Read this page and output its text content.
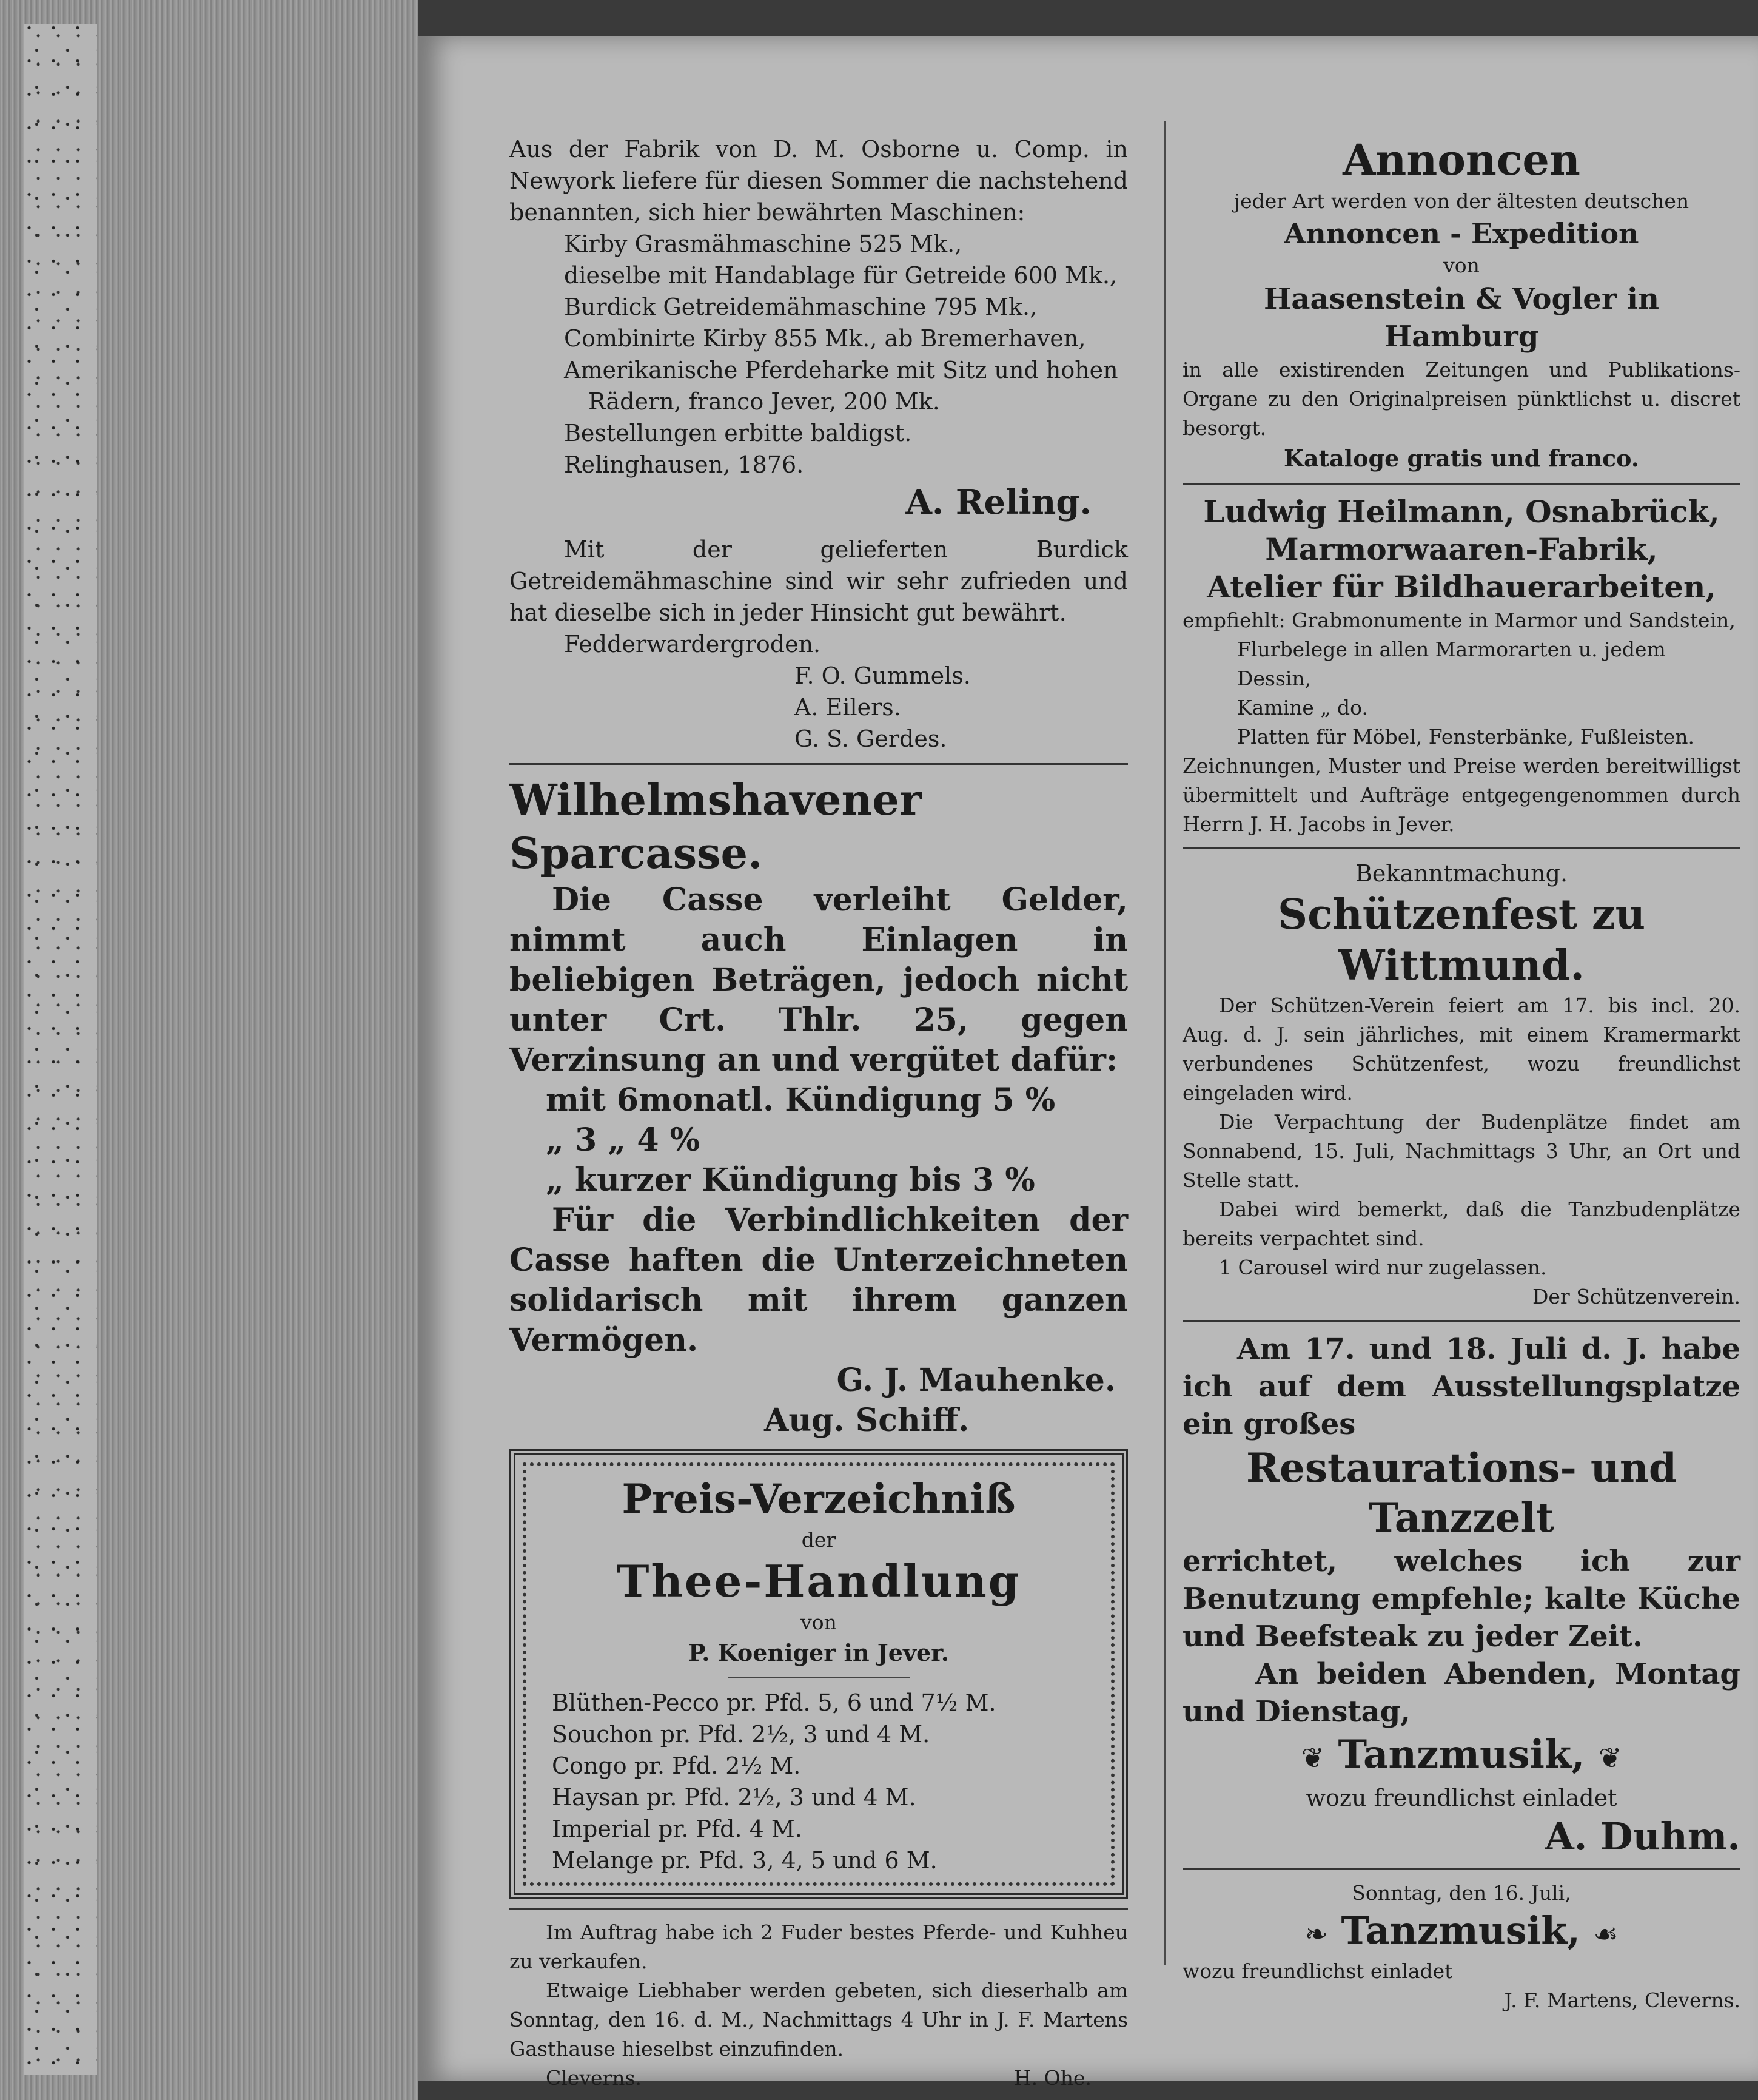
Aus der Fabrik von D. M. Osborne u. Comp. in Newyork liefere für diesen Sommer die nachstehend benannten, sich hier bewährten Maschinen:

Kirby Grasmähmaschine 525 Mk.,

dieselbe mit Handablage für Getreide 600 Mk.,

Burdick Getreidemähmaschine 795 Mk.,

Combinirte Kirby 855 Mk., ab Bremerhaven,

Amerikanische Pferdeharke mit Sitz und hohen

Rädern, franco Jever, 200 Mk.

Bestellungen erbitte baldigst.

Relinghausen, 1876.

A. Reling.

Mit der gelieferten Burdick Getreidemähmaschine sind wir sehr zufrieden und hat dieselbe sich in jeder Hinsicht gut bewährt.

Fedderwardergroden.

F. O. Gummels.

A. Eilers.

G. S. Gerdes.

Wilhelmshavener Sparcasse.

Die Casse verleiht Gelder, nimmt auch Einlagen in beliebigen Beträgen, jedoch nicht unter Crt. Thlr. 25, gegen Verzinsung an und vergütet dafür:

mit 6monatl. Kündigung 5 %

„ 3 „ 4 %

„ kurzer Kündigung bis 3 %

Für die Verbindlichkeiten der Casse haften die Unterzeichneten solidarisch mit ihrem ganzen Vermögen.

G. J. Mauhenke.

Aug. Schiff.

Preis-Verzeichniß

der

Thee-Handlung

von

P. Koeniger in Jever.

Blüthen-Pecco pr. Pfd. 5, 6 und 7½ M.

Souchon pr. Pfd. 2½, 3 und 4 M.

Congo pr. Pfd. 2½ M.

Haysan pr. Pfd. 2½, 3 und 4 M.

Imperial pr. Pfd. 4 M.

Melange pr. Pfd. 3, 4, 5 und 6 M.

Im Auftrag habe ich 2 Fuder bestes Pferde- und Kuhheu zu verkaufen.

Etwaige Liebhaber werden gebeten, sich dieserhalb am Sonntag, den 16. d. M., Nachmittags 4 Uhr in J. F. Martens Gasthause hieselbst einzufinden.

Cleverns.	H. Ohe.

Annoncen

jeder Art werden von der ältesten deutschen

Annoncen - Expedition

von

Haasenstein & Vogler in Hamburg

in alle existirenden Zeitungen und Publikations-Organe zu den Originalpreisen pünktlichst u. discret besorgt.

Kataloge gratis und franco.

Ludwig Heilmann, Osnabrück,

Marmorwaaren-Fabrik,

Atelier für Bildhauerarbeiten,

empfiehlt: Grabmonumente in Marmor und Sandstein,

Flurbelege in allen Marmorarten u. jedem Dessin,

Kamine „ do.

Platten für Möbel, Fensterbänke, Fußleisten.

Zeichnungen, Muster und Preise werden bereitwilligst übermittelt und Aufträge entgegengenommen durch Herrn J. H. Jacobs in Jever.

Bekanntmachung.

Schützenfest zu Wittmund.

Der Schützen-Verein feiert am 17. bis incl. 20. Aug. d. J. sein jährliches, mit einem Kramermarkt verbundenes Schützenfest, wozu freundlichst eingeladen wird.

Die Verpachtung der Budenplätze findet am Sonnabend, 15. Juli, Nachmittags 3 Uhr, an Ort und Stelle statt.

Dabei wird bemerkt, daß die Tanzbudenplätze bereits verpachtet sind.

1 Carousel wird nur zugelassen.

Der Schützenverein.

Am 17. und 18. Juli d. J. habe ich auf dem Ausstellungsplatze ein großes

Restaurations- und

Tanzzelt

errichtet, welches ich zur Benutzung empfehle; kalte Küche und Beefsteak zu jeder Zeit.

An beiden Abenden, Montag und Dienstag,

❦ Tanzmusik, ❦

wozu freundlichst einladet

A. Duhm.

Sonntag, den 16. Juli,

❧ Tanzmusik, ☙

wozu freundlichst einladet

J. F. Martens, Cleverns.
